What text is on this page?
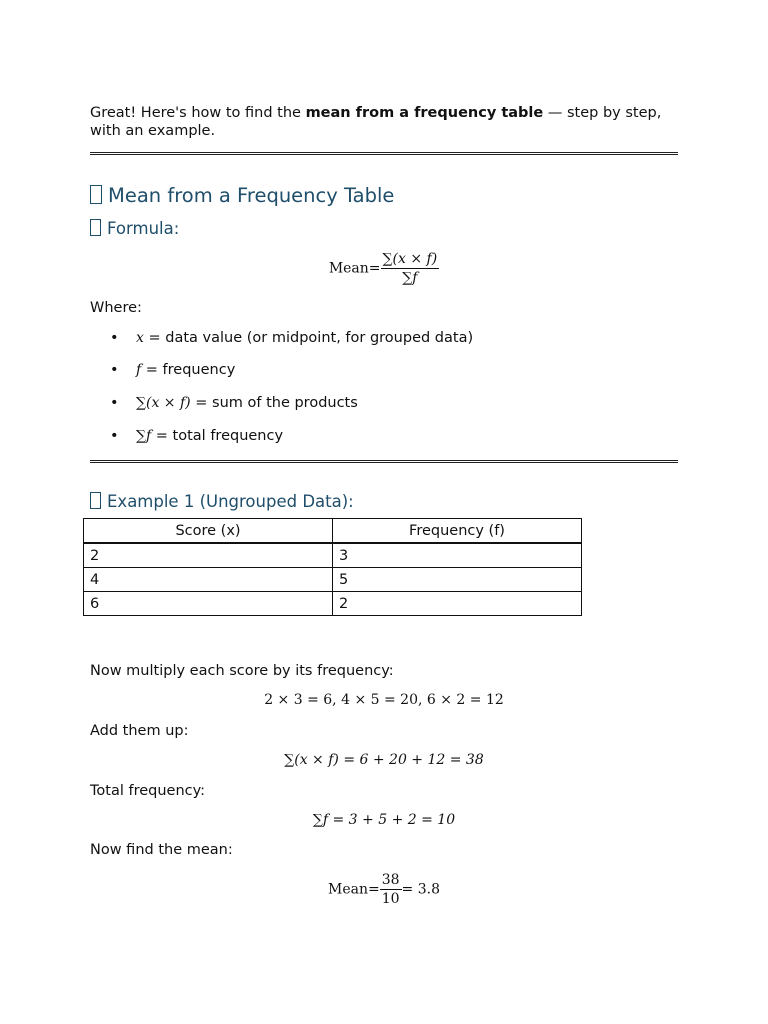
Great! Here's how to find the mean from a frequency table — step by step, with an example.
Mean from a Frequency Table
Formula:
Mean= $\frac{\sum(x \times f)}{\sum f}$
Where:
• x = data value (or midpoint, for grouped data)
• f = frequency
• ∑(x × f) = sum of the products
• ∑f = total frequency
Example 1 (Ungrouped Data):
Score (x)	Frequency (f)
2	3
4	5
6	2
Now multiply each score by its frequency:
2 × 3 = 6, 4 × 5 = 20, 6 × 2 = 12
Add them up:
∑(x × f) = 6 + 20 + 12 = 38
Total frequency:
∑f = 3 + 5 + 2 = 10
Now find the mean:
Mean= $\frac{38}{10} = 3.8$
